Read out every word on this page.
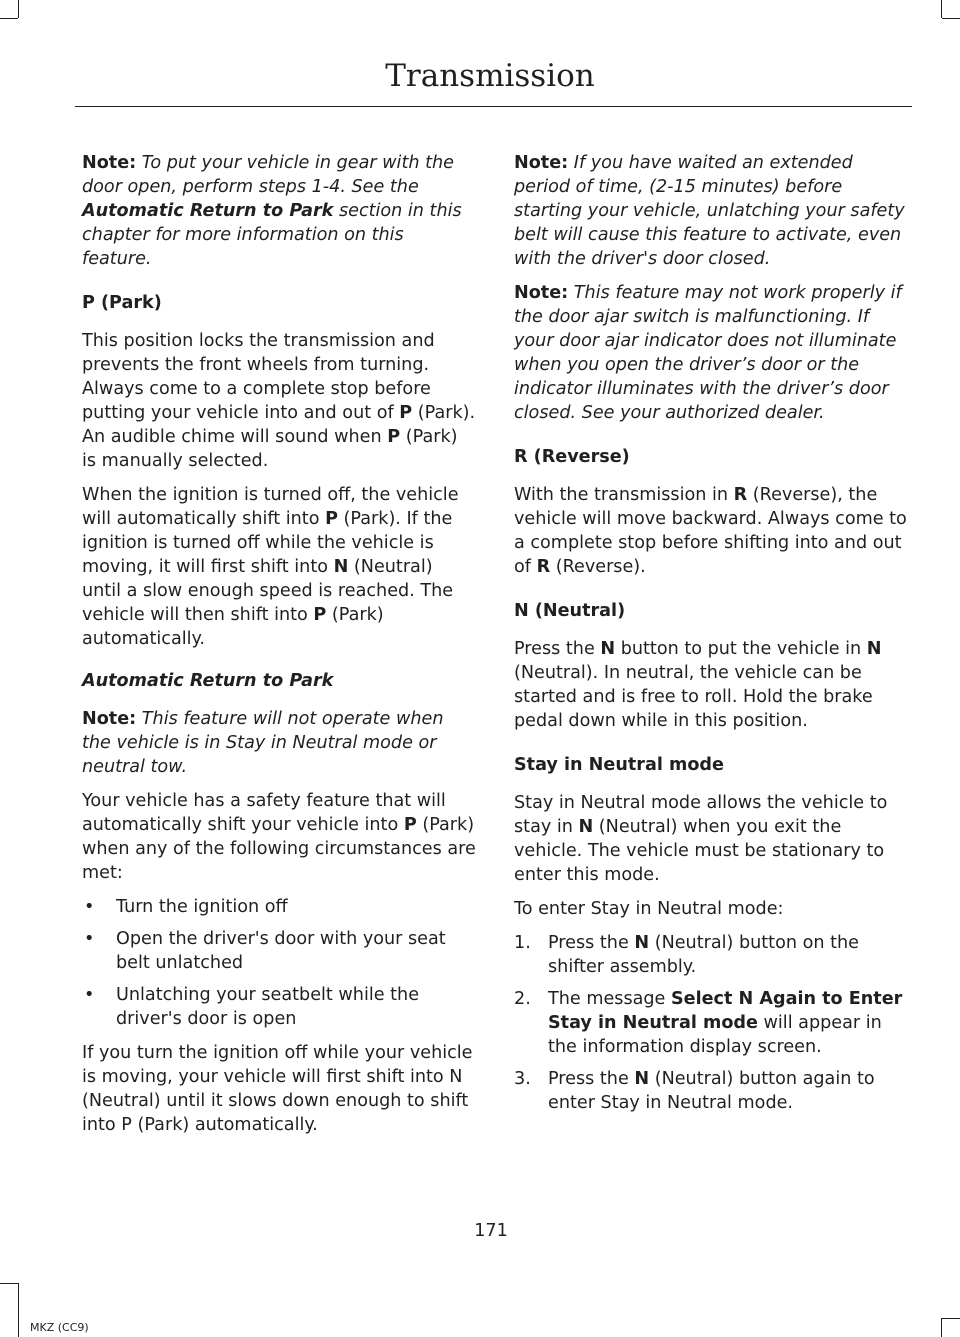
Transmission

Note: To put your vehicle in gear with the door open, perform steps 1-4. See the Automatic Return to Park section in this chapter for more information on this feature.

P (Park)

This position locks the transmission and prevents the front wheels from turning. Always come to a complete stop before putting your vehicle into and out of P (Park). An audible chime will sound when P (Park) is manually selected.

When the ignition is turned off, the vehicle will automatically shift into P (Park). If the ignition is turned off while the vehicle is moving, it will first shift into N (Neutral) until a slow enough speed is reached. The vehicle will then shift into P (Park) automatically.

Automatic Return to Park

Note: This feature will not operate when the vehicle is in Stay in Neutral mode or neutral tow.

Your vehicle has a safety feature that will automatically shift your vehicle into P (Park) when any of the following circumstances are met:

• Turn the ignition off
• Open the driver's door with your seat belt unlatched
• Unlatching your seatbelt while the driver's door is open

If you turn the ignition off while your vehicle is moving, your vehicle will first shift into N (Neutral) until it slows down enough to shift into P (Park) automatically.

Note: If you have waited an extended period of time, (2-15 minutes) before starting your vehicle, unlatching your safety belt will cause this feature to activate, even with the driver's door closed.

Note: This feature may not work properly if the door ajar switch is malfunctioning. If your door ajar indicator does not illuminate when you open the driver’s door or the indicator illuminates with the driver’s door closed. See your authorized dealer.

R (Reverse)

With the transmission in R (Reverse), the vehicle will move backward. Always come to a complete stop before shifting into and out of R (Reverse).

N (Neutral)

Press the N button to put the vehicle in N (Neutral). In neutral, the vehicle can be started and is free to roll. Hold the brake pedal down while in this position.

Stay in Neutral mode

Stay in Neutral mode allows the vehicle to stay in N (Neutral) when you exit the vehicle. The vehicle must be stationary to enter this mode.

To enter Stay in Neutral mode:

1. Press the N (Neutral) button on the shifter assembly.
2. The message Select N Again to Enter Stay in Neutral mode will appear in the information display screen.
3. Press the N (Neutral) button again to enter Stay in Neutral mode.
171
MKZ (CC9)
